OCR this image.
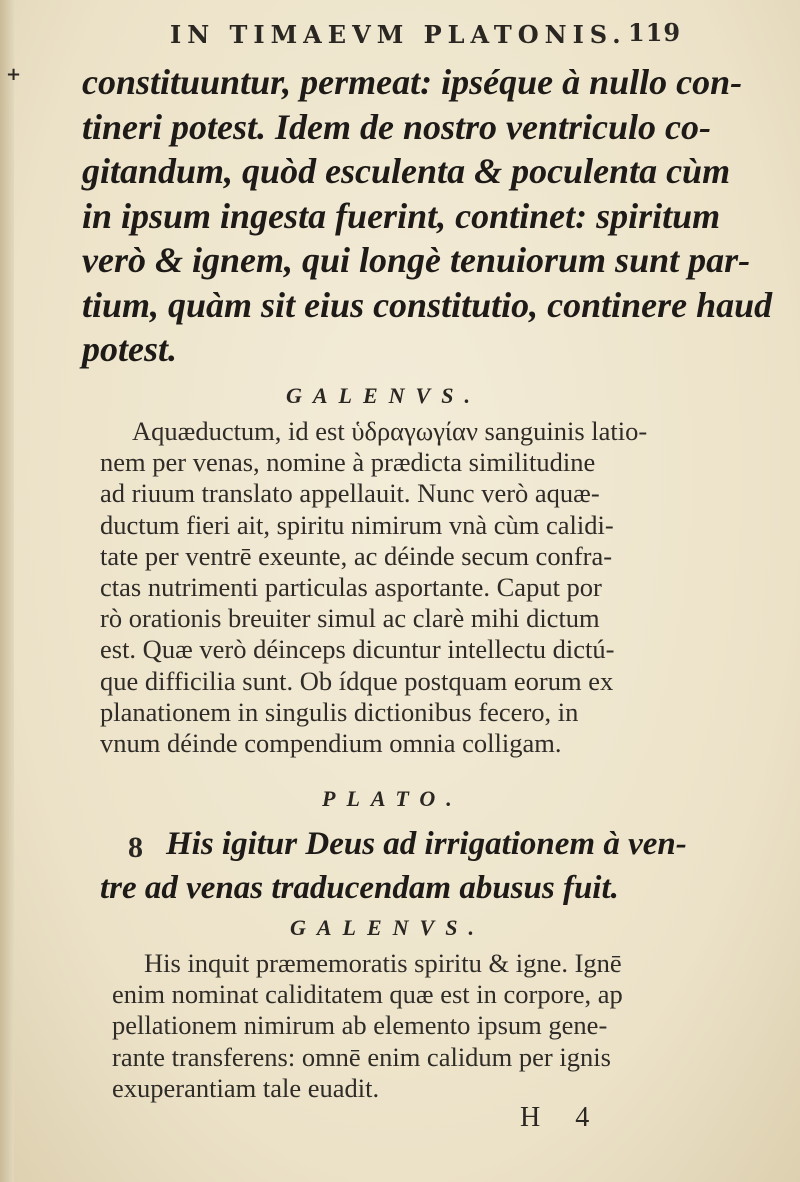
+
IN TIMAEVM PLATONIS. 119
constituuntur, permeat: ipséque à nullo con-
tineri potest. Idem de nostro ventriculo co-
gitandum, quòd esculenta & poculenta cùm
in ipsum ingesta fuerint, continet: spiritum
verò & ignem, qui longè tenuiorum sunt par-
tium, quàm sit eius constitutio, continere haud
potest.
GALENVS.
Aquæductum, id est ὑδραγωγίαν sanguinis latio-
nem per venas, nomine à prædicta similitudine
ad riuum translato appellauit. Nunc verò aquæ-
ductum fieri ait, spiritu nimirum vnà cùm calidi-
tate per ventrē exeunte, ac déinde secum confra-
ctas nutrimenti particulas asportante. Caput por
rò orationis breuiter simul ac clarè mihi dictum
est. Quæ verò déinceps dicuntur intellectu dictú-
que difficilia sunt. Ob ídque postquam eorum ex
planationem in singulis dictionibus fecero, in
vnum déinde compendium omnia colligam.
PLATO.
8 His igitur Deus ad irrigationem à ven-
tre ad venas traducendam abusus fuit.
GALENVS.
His inquit præmemoratis spiritu & igne. Ignē
enim nominat caliditatem quæ est in corpore, ap
pellationem nimirum ab elemento ipsum gene-
rante transferens: omnē enim calidum per ignis
exuperantiam tale euadit.
H 4
